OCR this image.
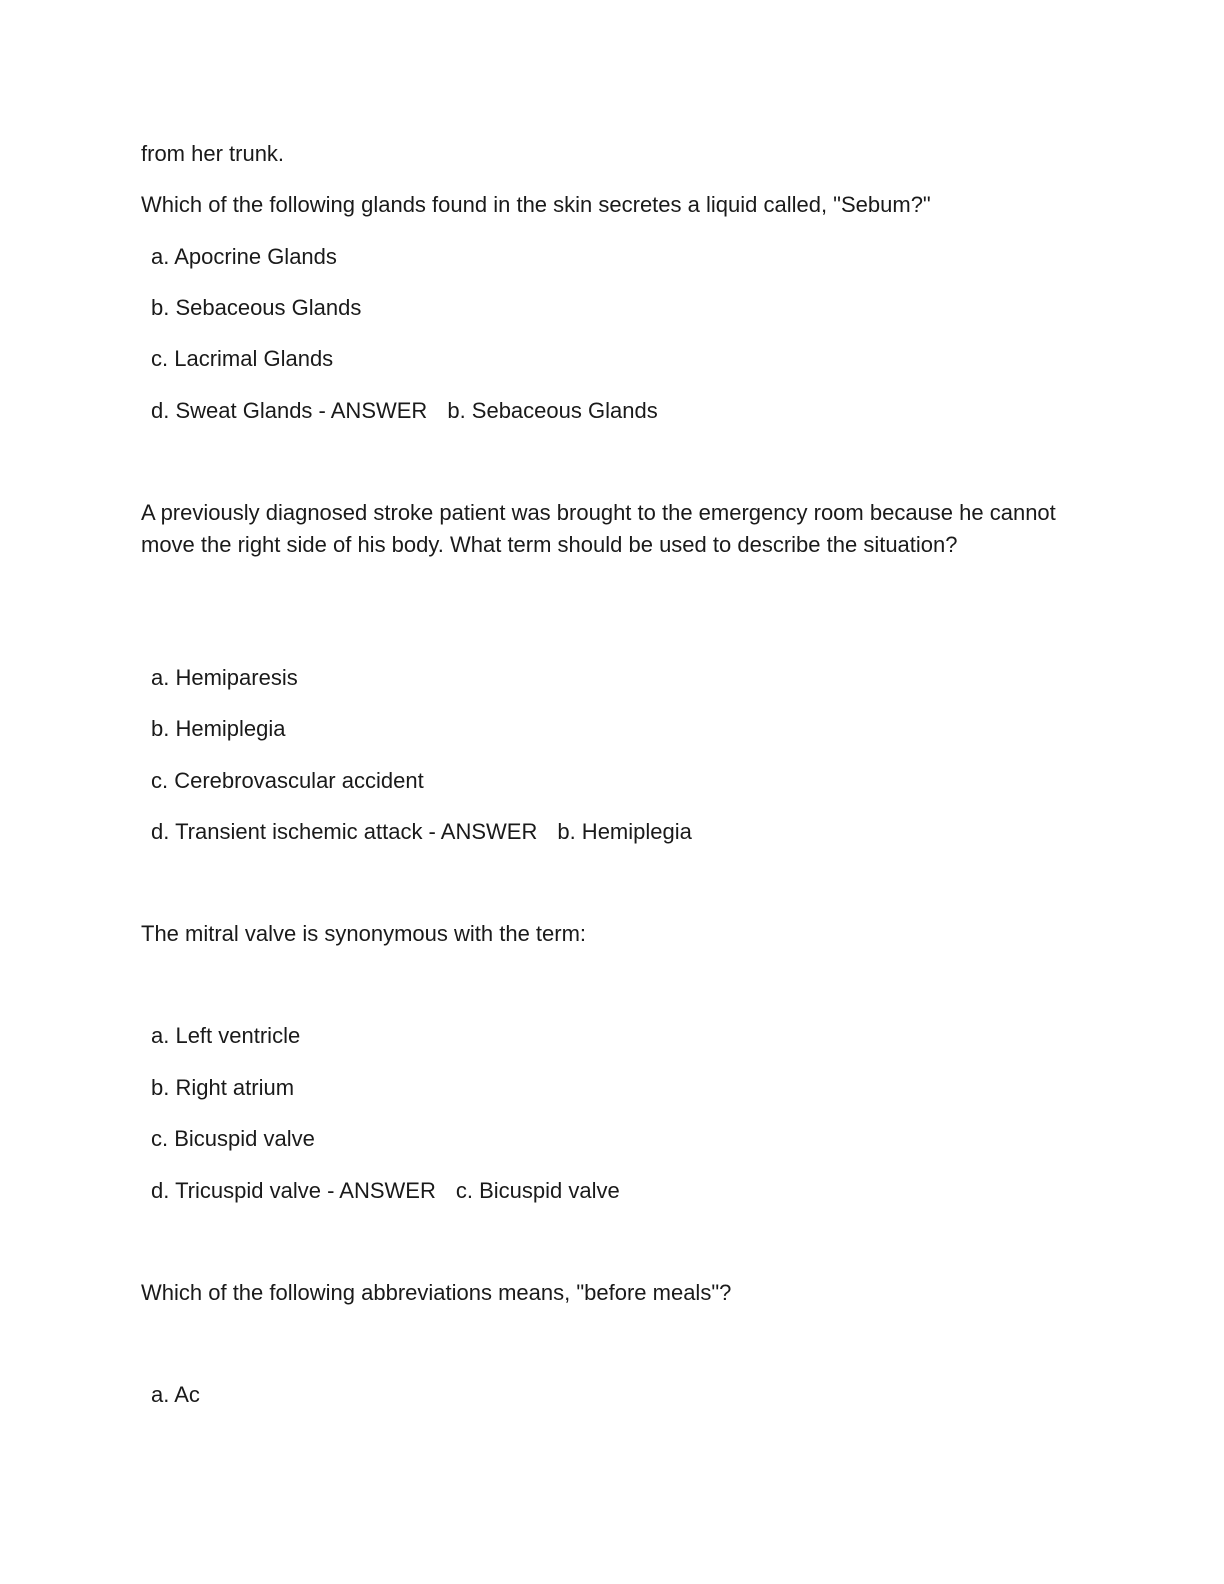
from her trunk.

Which of the following glands found in the skin secretes a liquid called, "Sebum?"

a. Apocrine Glands

b. Sebaceous Glands

c. Lacrimal Glands

d. Sweat Glands - ANSWER b. Sebaceous Glands

A previously diagnosed stroke patient was brought to the emergency room because he cannot move the right side of his body. What term should be used to describe the situation?

a. Hemiparesis

b. Hemiplegia

c. Cerebrovascular accident

d. Transient ischemic attack - ANSWER b. Hemiplegia

The mitral valve is synonymous with the term:

a. Left ventricle

b. Right atrium

c. Bicuspid valve

d. Tricuspid valve - ANSWER c. Bicuspid valve

Which of the following abbreviations means, "before meals"?

a. Ac
